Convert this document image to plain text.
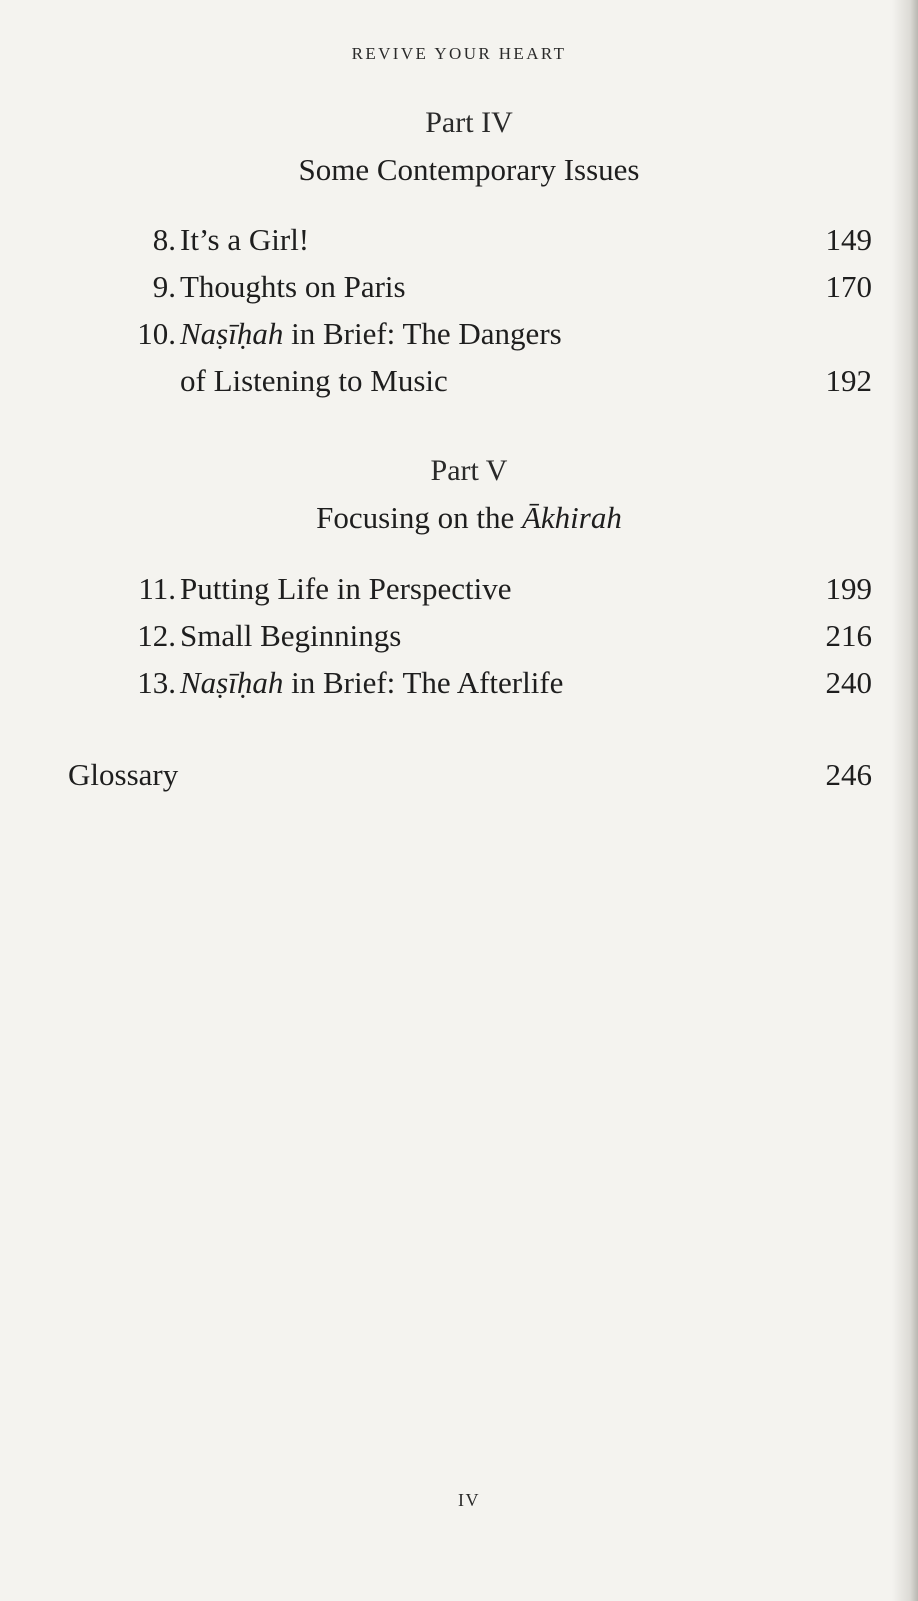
REVIVE YOUR HEART
Part IV
Some Contemporary Issues
8. It’s a Girl!	149
9. Thoughts on Paris	170
10. Naṣīḥah in Brief: The Dangers
of Listening to Music	192
Part V
Focusing on the Ākhirah
11. Putting Life in Perspective	199
12. Small Beginnings	216
13. Naṣīḥah in Brief: The Afterlife	240
Glossary	246
IV
